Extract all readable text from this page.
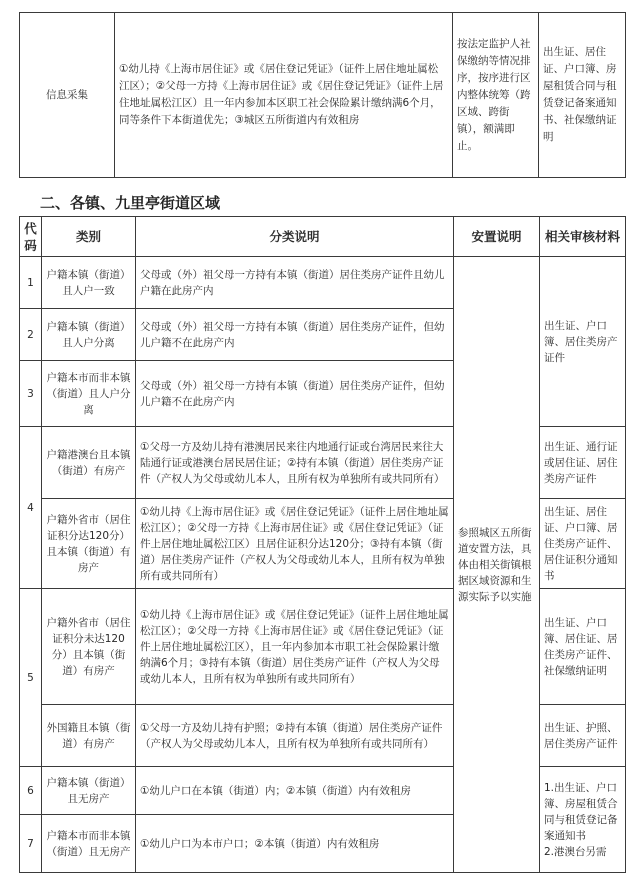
信息采集	①幼儿持《上海市居住证》或《居住登记凭证》（证件上居住地址属松江区）；②父母一方持《上海市居住证》或《居住登记凭证》（证件上居住地址属松江区）且一年内参加本区职工社会保险累计缴纳满6个月，同等条件下本街道优先；③城区五所街道内有效租房	按法定监护人社保缴纳等情况排序，按序进行区内整体统筹（跨区域、跨街镇），额满即止。	出生证、居住证、户口簿、房屋租赁合同与租赁登记备案通知书、社保缴纳证明
二、各镇、九里亭街道区域
代码	类别	分类说明	安置说明	相关审核材料
1	户籍本镇（街道）且人户一致	父母或（外）祖父母一方持有本镇（街道）居住类房产证件且幼儿户籍在此房产内	参照城区五所街道安置方法，具体由相关街镇根据区域资源和生源实际予以实施	出生证、户口簿、居住类房产证件
2	户籍本镇（街道）且人户分离	父母或（外）祖父母一方持有本镇（街道）居住类房产证件，但幼儿户籍不在此房产内		
3	户籍本市而非本镇（街道）且人户分离	父母或（外）祖父母一方持有本镇（街道）居住类房产证件，但幼儿户籍不在此房产内		
4	户籍港澳台且本镇（街道）有房产	①父母一方及幼儿持有港澳居民来往内地通行证或台湾居民来往大陆通行证或港澳台居民居住证；②持有本镇（街道）居住类房产证件（产权人为父母或幼儿本人，且所有权为单独所有或共同所有）		出生证、通行证或居住证、居住类房产证件
	户籍外省市（居住证积分达120分）且本镇（街道）有房产	①幼儿持《上海市居住证》或《居住登记凭证》（证件上居住地址属松江区）；②父母一方持《上海市居住证》或《居住登记凭证》（证件上居住地址属松江区）且居住证积分达120分；③持有本镇（街道）居住类房产证件（产权人为父母或幼儿本人，且所有权为单独所有或共同所有）		出生证、居住证、户口簿、居住类房产证件、居住证积分通知书
5	户籍外省市（居住证积分未达120分）且本镇（街道）有房产	①幼儿持《上海市居住证》或《居住登记凭证》（证件上居住地址属松江区）；②父母一方持《上海市居住证》或《居住登记凭证》（证件上居住地址属松江区），且一年内参加本市职工社会保险累计缴纳满6个月；③持有本镇（街道）居住类房产证件（产权人为父母或幼儿本人，且所有权为单独所有或共同所有）		出生证、户口簿、居住证、居住类房产证件、社保缴纳证明
	外国籍且本镇（街道）有房产	①父母一方及幼儿持有护照；②持有本镇（街道）居住类房产证件（产权人为父母或幼儿本人，且所有权为单独所有或共同所有）		出生证、护照、居住类房产证件
6	户籍本镇（街道）且无房产	①幼儿户口在本镇（街道）内；②本镇（街道）内有效租房		1.出生证、户口簿、房屋租赁合同与租赁登记备案通知书
2.港澳台另需
7	户籍本市而非本镇（街道）且无房产	①幼儿户口为本市户口；②本镇（街道）内有效租房		
